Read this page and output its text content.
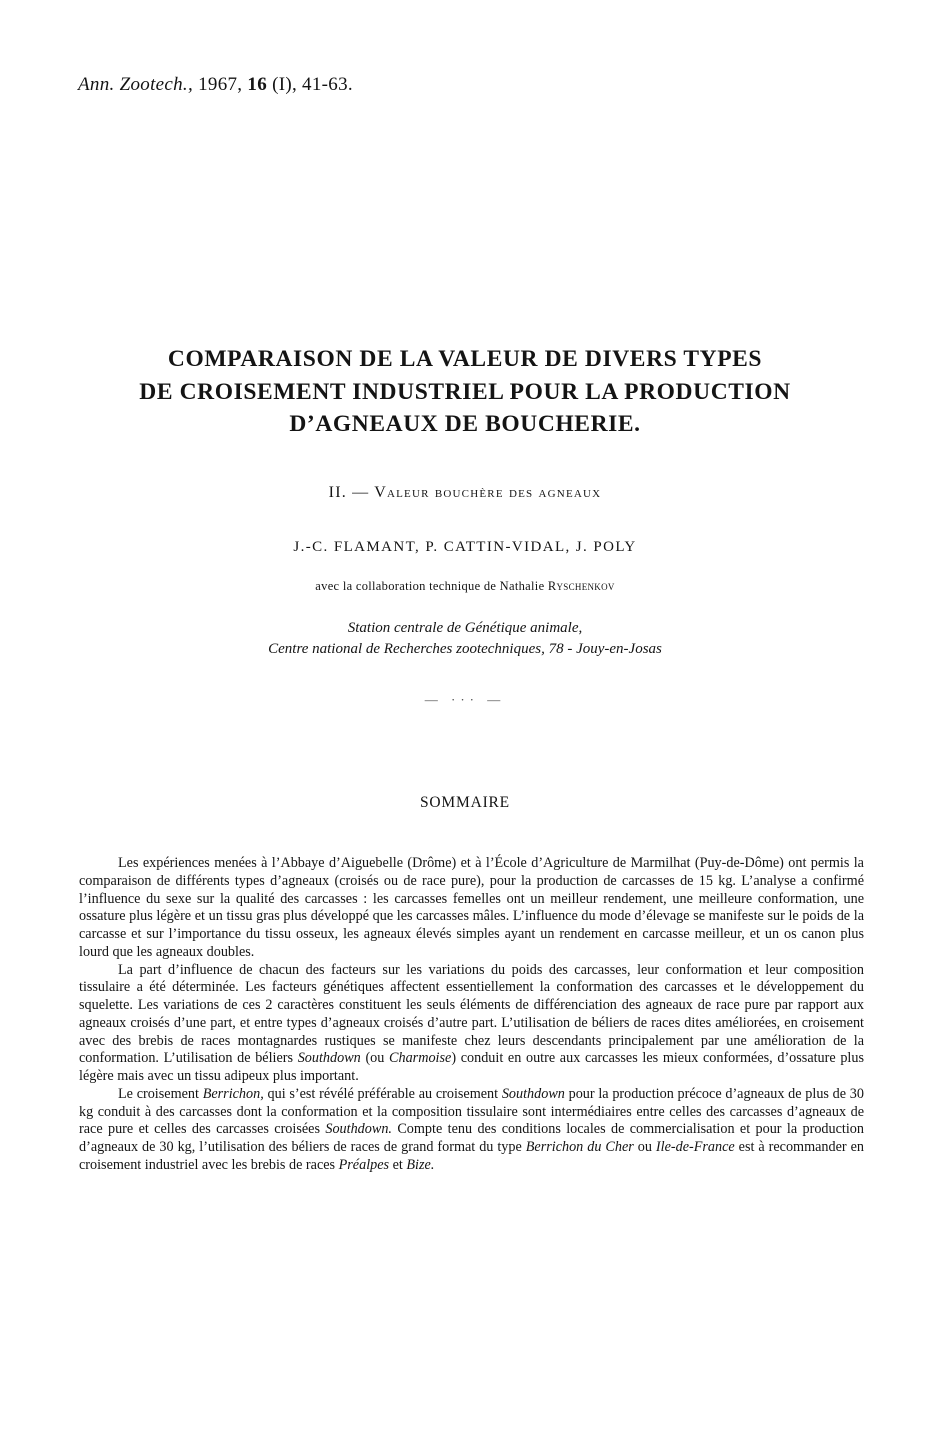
Ann. Zootech., 1967, 16 (I), 41-63.
COMPARAISON DE LA VALEUR DE DIVERS TYPES
DE CROISEMENT INDUSTRIEL POUR LA PRODUCTION
D’AGNEAUX DE BOUCHERIE.
II. — Valeur bouchère des agneaux
J.-C. FLAMANT, P. CATTIN-VIDAL, J. POLY
avec la collaboration technique de Nathalie Ryschenkov
Station centrale de Génétique animale,
Centre national de Recherches zootechniques, 78 - Jouy-en-Josas
— ··· —
SOMMAIRE

Les expériences menées à l’Abbaye d’Aiguebelle (Drôme) et à l’École d’Agriculture de Marmilhat (Puy-de-Dôme) ont permis la comparaison de différents types d’agneaux (croisés ou de race pure), pour la production de carcasses de 15 kg. L’analyse a confirmé l’influence du sexe sur la qualité des carcasses : les carcasses femelles ont un meilleur rendement, une meilleure conformation, une ossature plus légère et un tissu gras plus développé que les carcasses mâles. L’influence du mode d’élevage se manifeste sur le poids de la carcasse et sur l’importance du tissu osseux, les agneaux élevés simples ayant un rendement en carcasse meilleur, et un os canon plus lourd que les agneaux doubles.

La part d’influence de chacun des facteurs sur les variations du poids des carcasses, leur conformation et leur composition tissulaire a été déterminée. Les facteurs génétiques affectent essentiellement la conformation des carcasses et le développement du squelette. Les variations de ces 2 caractères constituent les seuls éléments de différenciation des agneaux de race pure par rapport aux agneaux croisés d’une part, et entre types d’agneaux croisés d’autre part. L’utilisation de béliers de races dites améliorées, en croisement avec des brebis de races montagnardes rustiques se manifeste chez leurs descendants principalement par une amélioration de la conformation. L’utilisation de béliers Southdown (ou Charmoise) conduit en outre aux carcasses les mieux conformées, d’ossature plus légère mais avec un tissu adipeux plus important.

Le croisement Berrichon, qui s’est révélé préférable au croisement Southdown pour la production précoce d’agneaux de plus de 30 kg conduit à des carcasses dont la conformation et la composition tissulaire sont intermédiaires entre celles des carcasses d’agneaux de race pure et celles des carcasses croisées Southdown. Compte tenu des conditions locales de commercialisation et pour la production d’agneaux de 30 kg, l’utilisation des béliers de races de grand format du type Berrichon du Cher ou Ile-de-France est à recommander en croisement industriel avec les brebis de races Préalpes et Bize.
